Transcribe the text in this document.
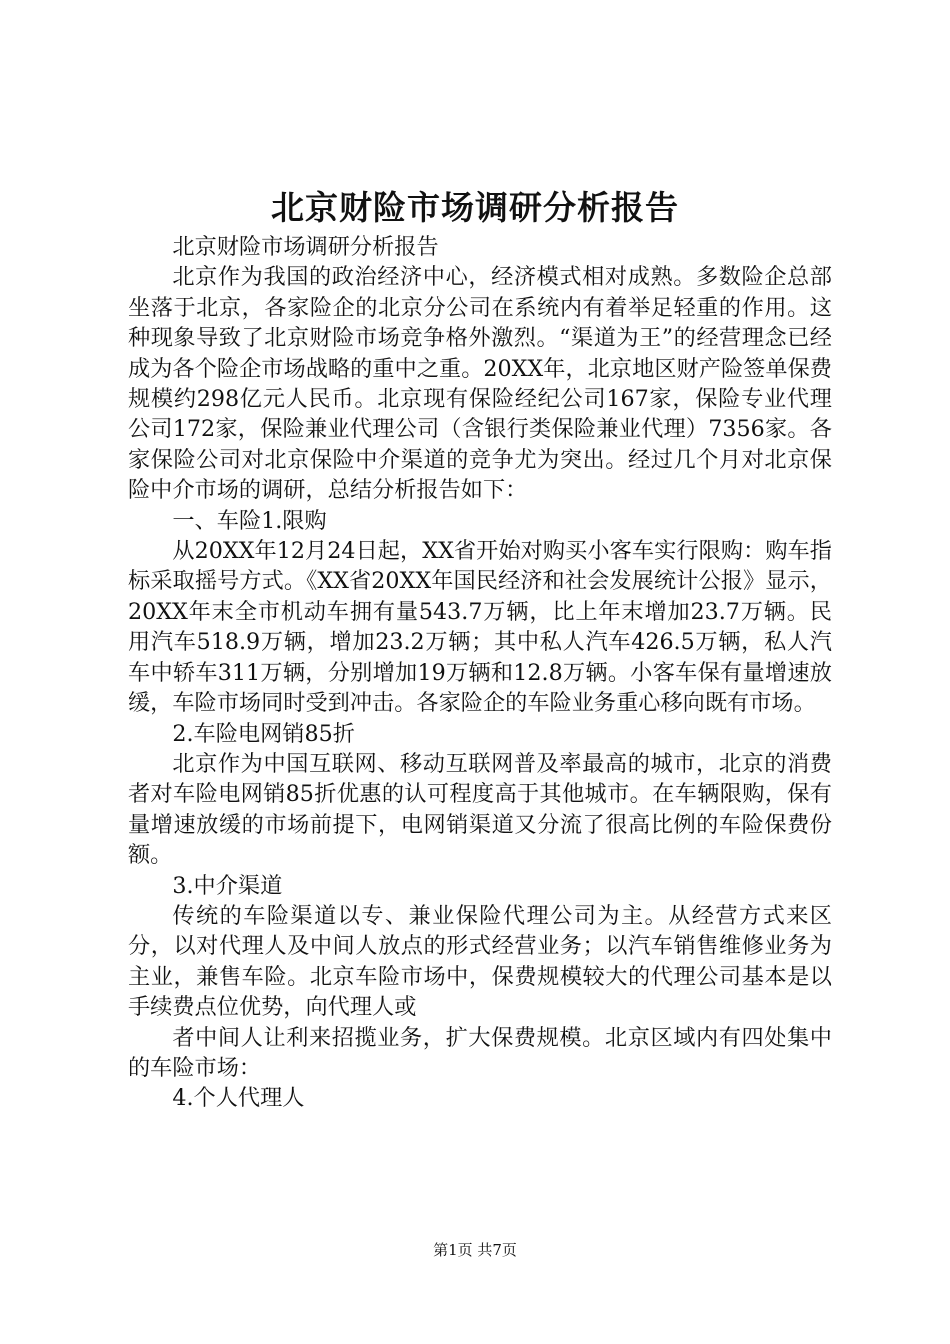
北京财险市场调研分析报告

北京财险市场调研分析报告

北京作为我国的政治经济中心，经济模式相对成熟。多数险企总部坐落于北京，各家险企的北京分公司在系统内有着举足轻重的作用。这种现象导致了北京财险市场竞争格外激烈。“渠道为王”的经营理念已经成为各个险企市场战略的重中之重。20XX年，北京地区财产险签单保费规模约298亿元人民币。北京现有保险经纪公司167家，保险专业代理公司172家，保险兼业代理公司（含银行类保险兼业代理）7356家。各家保险公司对北京保险中介渠道的竞争尤为突出。经过几个月对北京保险中介市场的调研，总结分析报告如下：

一、车险1.限购

从20XX年12月24日起，XX省开始对购买小客车实行限购：购车指标采取摇号方式。《XX省20XX年国民经济和社会发展统计公报》显示，20XX年末全市机动车拥有量543.7万辆，比上年末增加23.7万辆。民用汽车518.9万辆，增加23.2万辆；其中私人汽车426.5万辆，私人汽车中轿车311万辆，分别增加19万辆和12.8万辆。小客车保有量增速放缓，车险市场同时受到冲击。各家险企的车险业务重心移向既有市场。

2.车险电网销85折

北京作为中国互联网、移动互联网普及率最高的城市，北京的消费者对车险电网销85折优惠的认可程度高于其他城市。在车辆限购，保有量增速放缓的市场前提下，电网销渠道又分流了很高比例的车险保费份额。

3.中介渠道

传统的车险渠道以专、兼业保险代理公司为主。从经营方式来区分，以对代理人及中间人放点的形式经营业务；以汽车销售维修业务为主业，兼售车险。北京车险市场中，保费规模较大的代理公司基本是以手续费点位优势，向代理人或

者中间人让利来招揽业务，扩大保费规模。北京区域内有四处集中的车险市场：

4.个人代理人

第1页 共7页
